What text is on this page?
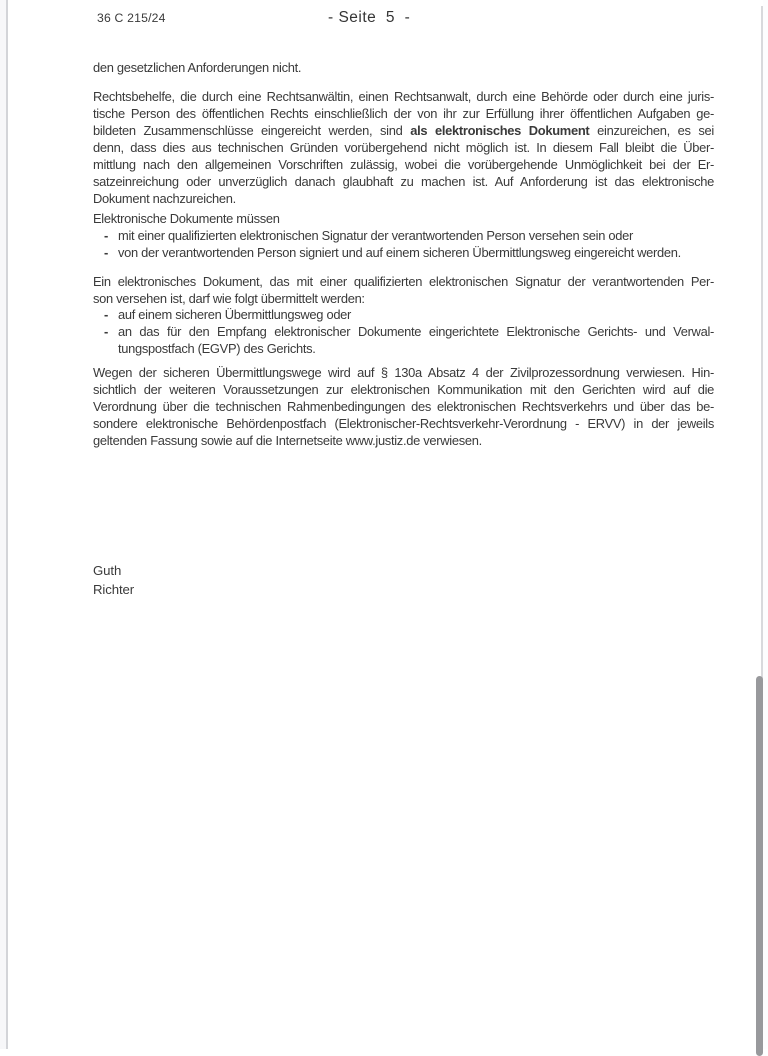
36 C 215/24	- Seite  5  -
den gesetzlichen Anforderungen nicht.
Rechtsbehelfe, die durch eine Rechtsanwältin, einen Rechtsanwalt, durch eine Behörde oder durch eine juris-
tische Person des öffentlichen Rechts einschließlich der von ihr zur Erfüllung ihrer öffentlichen Aufgaben ge-
bildeten Zusammenschlüsse eingereicht werden, sind als elektronisches Dokument einzureichen, es sei
denn, dass dies aus technischen Gründen vorübergehend nicht möglich ist. In diesem Fall bleibt die Über-
mittlung nach den allgemeinen Vorschriften zulässig, wobei die vorübergehende Unmöglichkeit bei der Er-
satzeinreichung oder unverzüglich danach glaubhaft zu machen ist. Auf Anforderung ist das elektronische
Dokument nachzureichen.
Elektronische Dokumente müssen
- mit einer qualifizierten elektronischen Signatur der verantwortenden Person versehen sein oder
- von der verantwortenden Person signiert und auf einem sicheren Übermittlungsweg eingereicht werden.
Ein elektronisches Dokument, das mit einer qualifizierten elektronischen Signatur der verantwortenden Per-
son versehen ist, darf wie folgt übermittelt werden:
- auf einem sicheren Übermittlungsweg oder
- an das für den Empfang elektronischer Dokumente eingerichtete Elektronische Gerichts- und Verwal-
tungspostfach (EGVP) des Gerichts.
Wegen der sicheren Übermittlungswege wird auf § 130a Absatz 4 der Zivilprozessordnung verwiesen. Hin-
sichtlich der weiteren Voraussetzungen zur elektronischen Kommunikation mit den Gerichten wird auf die
Verordnung über die technischen Rahmenbedingungen des elektronischen Rechtsverkehrs und über das be-
sondere elektronische Behördenpostfach (Elektronischer-Rechtsverkehr-Verordnung - ERVV) in der jeweils
geltenden Fassung sowie auf die Internetseite www.justiz.de verwiesen.
Guth
Richter
